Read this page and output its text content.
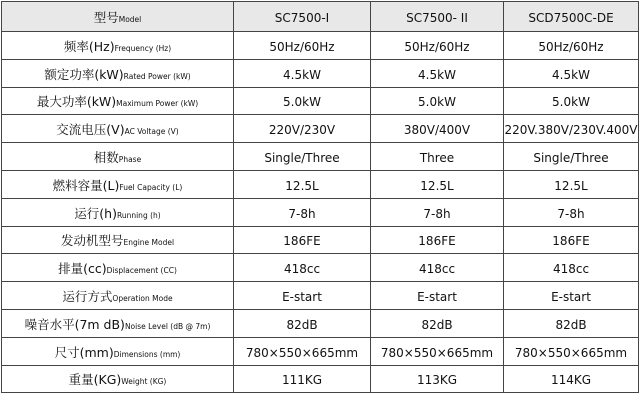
型号Model	SC7500-I	SC7500- II	SCD7500C-DE
频率(Hz)Frequency (Hz)	50Hz/60Hz	50Hz/60Hz	50Hz/60Hz
额定功率(kW)Rated Power (kW)	4.5kW	4.5kW	4.5kW
最大功率(kW)Maximum Power (kW)	5.0kW	5.0kW	5.0kW
交流电压(V)AC Voltage (V)	220V/230V	380V/400V	220V.380V/230V.400V
相数Phase	Single/Three	Three	Single/Three
燃料容量(L)Fuel Capacity (L)	12.5L	12.5L	12.5L
运行(h)Running (h)	7-8h	7-8h	7-8h
发动机型号Engine Model	186FE	186FE	186FE
排量(cc)Displacement (CC)	418cc	418cc	418cc
运行方式Operation Mode	E-start	E-start	E-start
噪音水平(7m dB)Noise Level (dB @ 7m)	82dB	82dB	82dB
尺寸(mm)Dimensions (mm)	780×550×665mm	780×550×665mm	780×550×665mm
重量(KG)Weight (KG)	111KG	113KG	114KG
